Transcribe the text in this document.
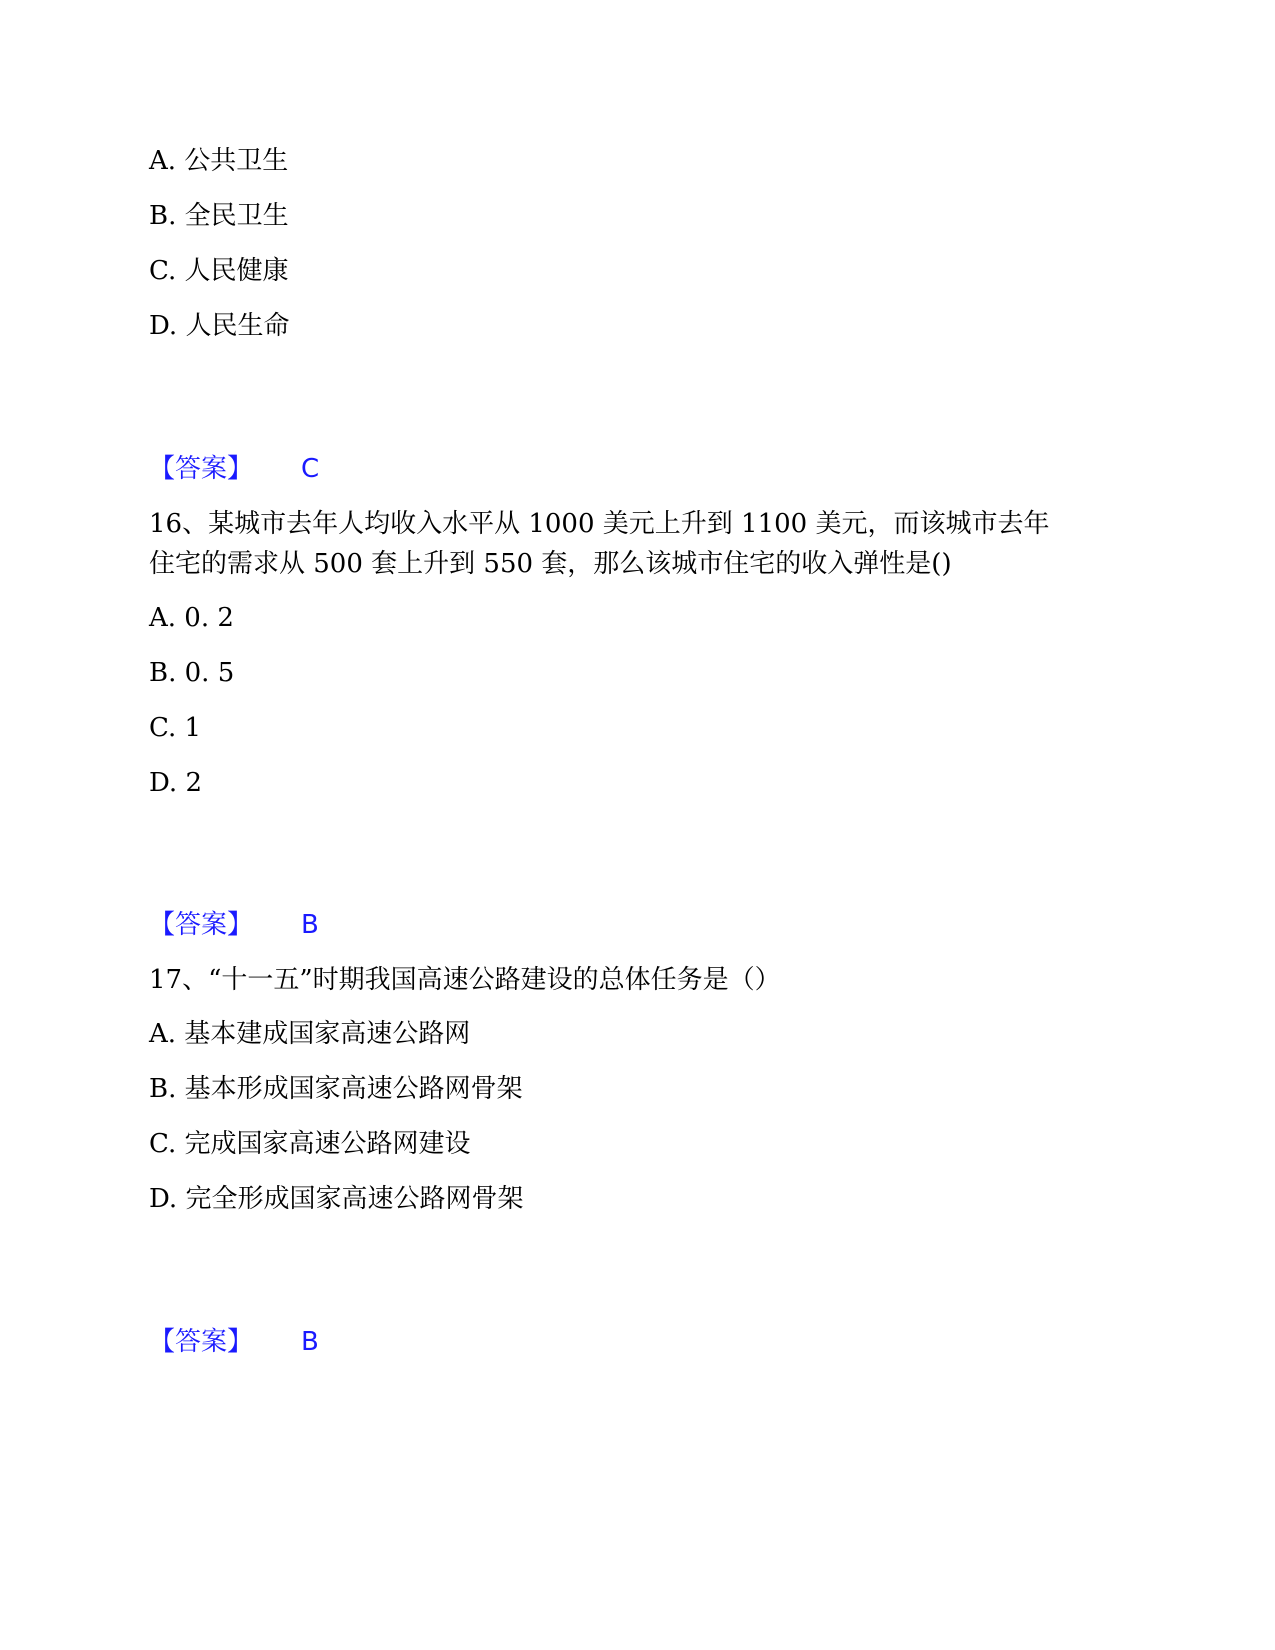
A. 公共卫生
B. 全民卫生
C. 人民健康
D. 人民生命
【答案】 C
16、某城市去年人均收入水平从 1000 美元上升到 1100 美元，而该城市去年
住宅的需求从 500 套上升到 550 套，那么该城市住宅的收入弹性是()
A. 0. 2
B. 0. 5
C. 1
D. 2
【答案】 B
17、“十一五”时期我国高速公路建设的总体任务是（）
A. 基本建成国家高速公路网
B. 基本形成国家高速公路网骨架
C. 完成国家高速公路网建设
D. 完全形成国家高速公路网骨架
【答案】 B
